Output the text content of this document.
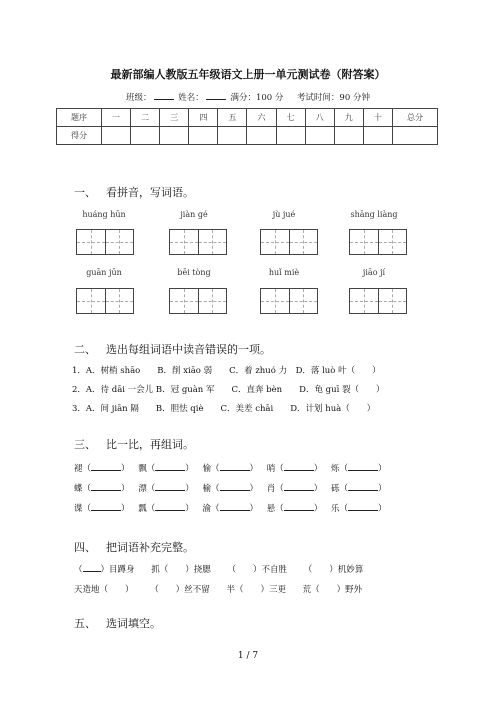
最新部编人教版五年级语文上册一单元测试卷（附答案）
班级：	姓名：	满分：100 分 考试时间：90 分钟
题序	一	二	三	四	五	六	七	八	九	十	总分
得分											
一、 看拼音，写词语。
huáng hūn	jiàn gé	jù jué	shāng liàng
guān jūn	bēi tòng	huǐ miè	jiāo jí
二、 选出每组词语中读音错误的一项。
1．A．树梢 shāo　　B．削 xiāo 弱　　C．着 zhuó 力　D．落 luò 叶（　　）
2．A．待 dāi 一会儿 B．冠 guàn 军　　C．直奔 bèn　　D．龟 guī 裂（　　）
3．A．间 jiān 隔　　B．胆怯 qiè　　C．美差 chāi　　D．计划 huà（　　）
三、 比一比，再组词。
褪（	） 飘（	） 愉（	） 哨（	） 烁（	）
蝶（	） 漂（	） 榆（	） 肖（	） 砾（	）
谍（	） 瓢（	） 渝（	） 悬（	） 乐（	）
四、 把词语补充完整。
（ ）目蹲身 抓（　　）挠腮 （　　）不自胜 （　　）机妙算
天造地（　　） （　　）丝不留 半（　　）三更 荒（　　）野外
五、 选词填空。
1 / 7
